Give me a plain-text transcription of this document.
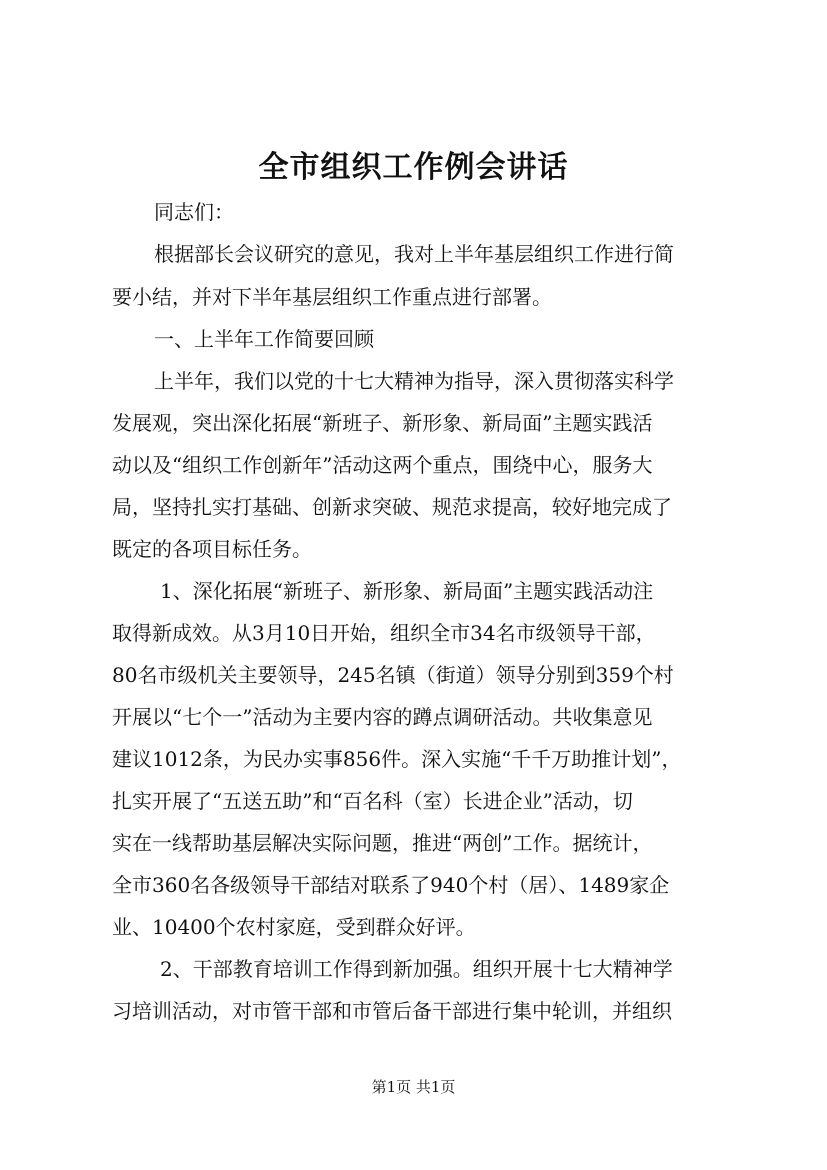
全市组织工作例会讲话
同志们：
根据部长会议研究的意见，我对上半年基层组织工作进行简
要小结，并对下半年基层组织工作重点进行部署。
一、上半年工作简要回顾
上半年，我们以党的十七大精神为指导，深入贯彻落实科学
发展观，突出深化拓展“新班子、新形象、新局面”主题实践活
动以及“组织工作创新年”活动这两个重点，围绕中心，服务大
局，坚持扎实打基础、创新求突破、规范求提高，较好地完成了
既定的各项目标任务。
1、深化拓展“新班子、新形象、新局面”主题实践活动注
取得新成效。从3月10日开始，组织全市34名市级领导干部，
80名市级机关主要领导，245名镇（街道）领导分别到359个村
开展以“七个一”活动为主要内容的蹲点调研活动。共收集意见
建议1012条，为民办实事856件。深入实施“千千万助推计划”，
扎实开展了“五送五助”和“百名科（室）长进企业”活动，切
实在一线帮助基层解决实际问题，推进“两创”工作。据统计，
全市360名各级领导干部结对联系了940个村（居）、1489家企
业、10400个农村家庭，受到群众好评。
2、干部教育培训工作得到新加强。组织开展十七大精神学
习培训活动，对市管干部和市管后备干部进行集中轮训，并组织
第1页 共1页
